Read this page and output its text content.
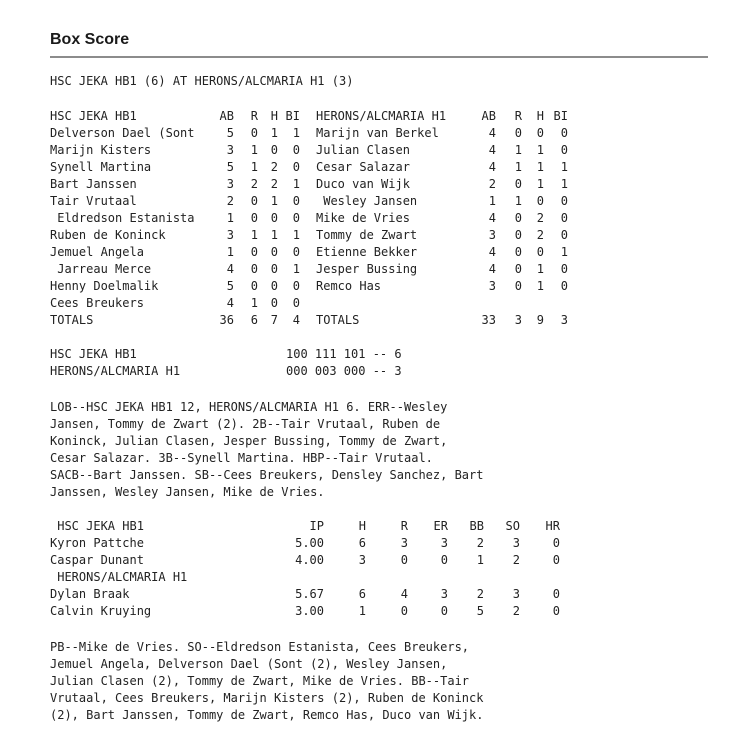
Box Score
HSC JEKA HB1 (6) AT HERONS/ALCMARIA H1 (3)
HSC JEKA HB1	AB	R	H BI HERONS/ALCMARIA H1	AB	R	H BI
Delverson Dael (Sont	5	0	1	1 Marijn van Berkel	4	0	0	0
Marijn Kisters	3	1	0	0 Julian Clasen	4	1	1	0
Synell Martina	5	1	2	0 Cesar Salazar	4	1	1	1
Bart Janssen	3	2	2	1 Duco van Wijk	2	0	1	1
Tair Vrutaal	2	0	1	0 Wesley Jansen	1	1	0	0
Eldredson Estanista	1	0	0	0 Mike de Vries	4	0	2	0
Ruben de Koninck	3	1	1	1 Tommy de Zwart	3	0	2	0
Jemuel Angela	1	0	0	0 Etienne Bekker	4	0	0	1
Jarreau Merce	4	0	0	1 Jesper Bussing	4	0	1	0
Henny Doelmalik	5	0	0	0 Remco Has	3	0	1	0
Cees Breukers	4	1	0	0
TOTALS	36	6	7	4 TOTALS	33	3	9	3
HSC JEKA HB1	100 111 101 -- 6
HERONS/ALCMARIA H1	000 003 000 -- 3
LOB--HSC JEKA HB1 12, HERONS/ALCMARIA H1 6. ERR--Wesley
Jansen, Tommy de Zwart (2). 2B--Tair Vrutaal, Ruben de
Koninck, Julian Clasen, Jesper Bussing, Tommy de Zwart,
Cesar Salazar. 3B--Synell Martina. HBP--Tair Vrutaal.
SACB--Bart Janssen. SB--Cees Breukers, Densley Sanchez, Bart
Janssen, Wesley Jansen, Mike de Vries.
HSC JEKA HB1	IP	H	R	ER	BB	SO	HR
Kyron Pattche	5.00	6	3	3	2	3	0
Caspar Dunant	4.00	3	0	0	1	2	0
HERONS/ALCMARIA H1
Dylan Braak	5.67	6	4	3	2	3	0
Calvin Kruying	3.00	1	0	0	5	2	0
PB--Mike de Vries. SO--Eldredson Estanista, Cees Breukers,
Jemuel Angela, Delverson Dael (Sont (2), Wesley Jansen,
Julian Clasen (2), Tommy de Zwart, Mike de Vries. BB--Tair
Vrutaal, Cees Breukers, Marijn Kisters (2), Ruben de Koninck
(2), Bart Janssen, Tommy de Zwart, Remco Has, Duco van Wijk.
